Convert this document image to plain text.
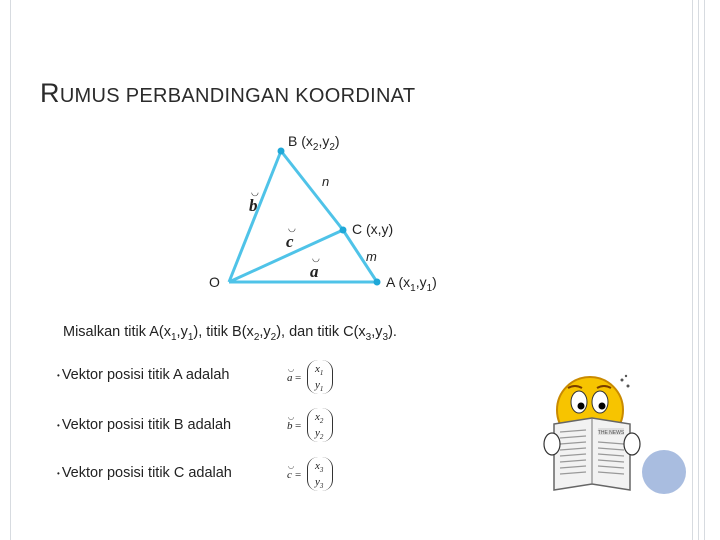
RUMUS PERBANDINGAN KOORDINAT
B $(x_2,y_2)$
n
C (x,y)
m
O	A $(x_1,y_1)$
◡
b
◡
c
◡
a
Misalkan titik $A(x_1,y_1)$, titik $B(x_2,y_2)$, dan titik $C(x_3,y_3)$.
• Vektor posisi titik A adalah	◡
a =
$x_1$
$y_1$
• Vektor posisi titik B adalah	◡
b =
$x_2$
$y_2$
• Vektor posisi titik C adalah	◡
c =
$x_3$
$y_3$
THE NEWS
